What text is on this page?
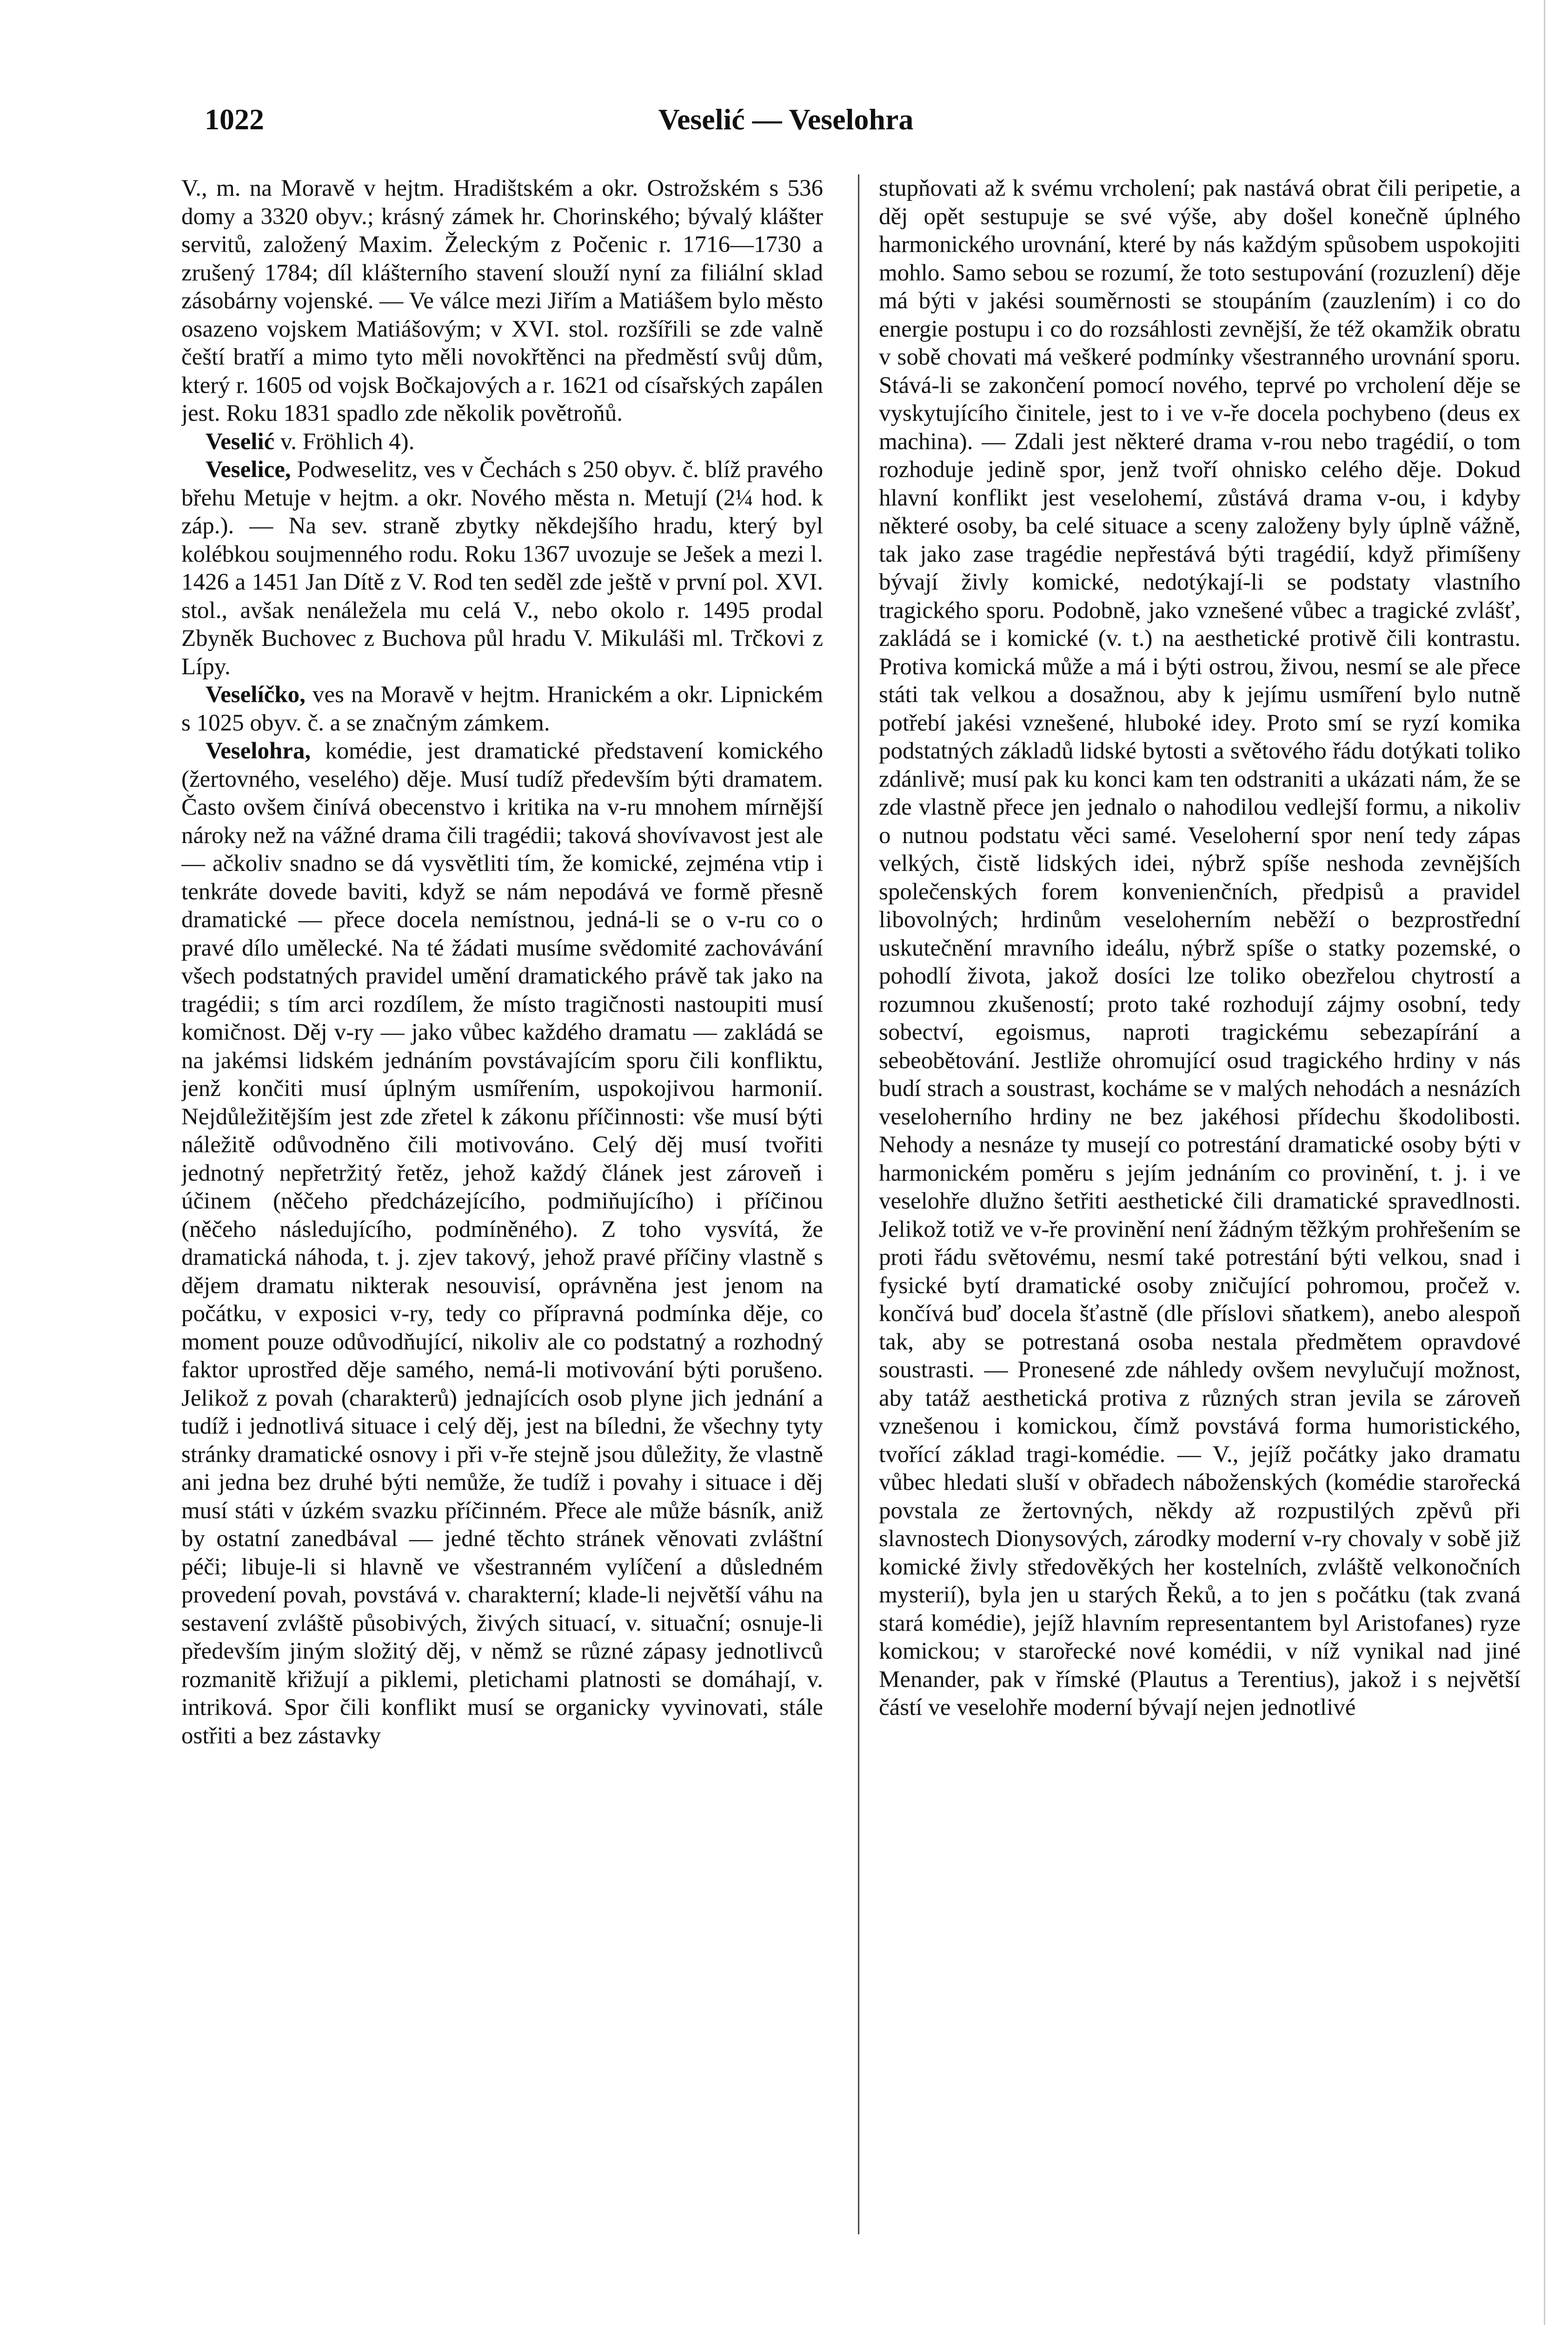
1022	Veselić — Veselohra

V., m. na Moravě v hejtm. Hradištském a okr. Ostrožském s 536 domy a 3320 obyv.; krásný zámek hr. Chorinského; bývalý klášter servitů, založený Maxim. Želeckým z Počenic r. 1716—1730 a zrušený 1784; díl klášterního stavení slouží nyní za filiální sklad zásobárny vojenské. — Ve válce mezi Jiřím a Matiášem bylo město osazeno vojskem Matiášovým; v XVI. stol. rozšířili se zde valně čeští bratří a mimo tyto měli novokřtěnci na předměstí svůj dům, který r. 1605 od vojsk Bočkajových a r. 1621 od císařských zapálen jest. Roku 1831 spadlo zde několik povětroňů.

Veselić v. Fröhlich 4).

Veselice, Podweselitz, ves v Čechách s 250 obyv. č. blíž pravého břehu Metuje v hejtm. a okr. Nového města n. Metují (2¼ hod. k záp.). — Na sev. straně zbytky někdejšího hradu, který byl kolébkou soujmenného rodu. Roku 1367 uvozuje se Ješek a mezi l. 1426 a 1451 Jan Dítě z V. Rod ten seděl zde ještě v první pol. XVI. stol., avšak nenáležela mu celá V., nebo okolo r. 1495 prodal Zbyněk Buchovec z Buchova půl hradu V. Mikuláši ml. Trčkovi z Lípy.

Veselíčko, ves na Moravě v hejtm. Hranickém a okr. Lipnickém s 1025 obyv. č. a se značným zámkem.

Veselohra, komédie, jest dramatické představení komického (žertovného, veselého) děje. Musí tudíž především býti dramatem. Často ovšem činívá obecenstvo i kritika na v-ru mnohem mírnější nároky než na vážné drama čili tragédii; taková shovívavost jest ale — ačkoliv snadno se dá vysvětliti tím, že komické, zejména vtip i tenkráte dovede baviti, když se nám nepodává ve formě přesně dramatické — přece docela nemístnou, jedná-li se o v-ru co o pravé dílo umělecké. Na té žádati musíme svědomité zachovávání všech podstatných pravidel umění dramatického právě tak jako na tragédii; s tím arci rozdílem, že místo tragičnosti nastoupiti musí komičnost. Děj v-ry — jako vůbec každého dramatu — zakládá se na jakémsi lidském jednáním povstávajícím sporu čili konfliktu, jenž končiti musí úplným usmířením, uspokojivou harmonií. Nejdůležitějším jest zde zřetel k zákonu příčinnosti: vše musí býti náležitě odůvodněno čili motivováno. Celý děj musí tvořiti jednotný nepřetržitý řetěz, jehož každý článek jest zároveň i účinem (něčeho předcházejícího, podmiňujícího) i příčinou (něčeho následujícího, podmíněného). Z toho vysvítá, že dramatická náhoda, t. j. zjev takový, jehož pravé příčiny vlastně s dějem dramatu nikterak nesouvisí, oprávněna jest jenom na počátku, v exposici v-ry, tedy co přípravná podmínka děje, co moment pouze odůvodňující, nikoliv ale co podstatný a rozhodný faktor uprostřed děje samého, nemá-li motivování býti porušeno. Jelikož z povah (charakterů) jednajících osob plyne jich jednání a tudíž i jednotlivá situace i celý děj, jest na bíledni, že všechny tyty stránky dramatické osnovy i při v-ře stejně jsou důležity, že vlastně ani jedna bez druhé býti nemůže, že tudíž i povahy i situace i děj musí státi v úzkém svazku příčinném. Přece ale může básník, aniž by ostatní zanedbával — jedné těchto stránek věnovati zvláštní péči; libuje-li si hlavně ve všestranném vylíčení a důsledném provedení povah, povstává v. charakterní; klade-li největší váhu na sestavení zvláště působivých, živých situací, v. situační; osnuje-li především jiným složitý děj, v němž se různé zápasy jednotlivců rozmanitě křižují a piklemi, pletichami platnosti se domáhají, v. intriková. Spor čili konflikt musí se organicky vyvinovati, stále ostřiti a bez zástavky

stupňovati až k svému vrcholení; pak nastává obrat čili peripetie, a děj opět sestupuje se své výše, aby došel konečně úplného harmonického urovnání, které by nás každým spůsobem uspokojiti mohlo. Samo sebou se rozumí, že toto sestupování (rozuzlení) děje má býti v jakési souměrnosti se stoupáním (zauzlením) i co do energie postupu i co do rozsáhlosti zevnější, že též okamžik obratu v sobě chovati má veškeré podmínky všestranného urovnání sporu. Stává-li se zakončení pomocí nového, teprvé po vrcholení děje se vyskytujícího činitele, jest to i ve v-ře docela pochybeno (deus ex machina). — Zdali jest některé drama v-rou nebo tragédií, o tom rozhoduje jedině spor, jenž tvoří ohnisko celého děje. Dokud hlavní konflikt jest veselohemí, zůstává drama v-ou, i kdyby některé osoby, ba celé situace a sceny založeny byly úplně vážně, tak jako zase tragédie nepřestává býti tragédií, když přimíšeny bývají živly komické, nedotýkají-li se podstaty vlastního tragického sporu. Podobně, jako vznešené vůbec a tragické zvlášť, zakládá se i komické (v. t.) na aesthetické protivě čili kontrastu. Protiva komická může a má i býti ostrou, živou, nesmí se ale přece státi tak velkou a dosažnou, aby k jejímu usmíření bylo nutně potřebí jakési vznešené, hluboké idey. Proto smí se ryzí komika podstatných základů lidské bytosti a světového řádu dotýkati toliko zdánlivě; musí pak ku konci kam ten odstraniti a ukázati nám, že se zde vlastně přece jen jednalo o nahodilou vedlejší formu, a nikoliv o nutnou podstatu věci samé. Veseloherní spor není tedy zápas velkých, čistě lidských idei, nýbrž spíše neshoda zevnějších společenských forem konvenienčních, předpisů a pravidel libovolných; hrdinům veseloherním neběží o bezprostřední uskutečnění mravního ideálu, nýbrž spíše o statky pozemské, o pohodlí života, jakož dosíci lze toliko obezřelou chytrostí a rozumnou zkušeností; proto také rozhodují zájmy osobní, tedy sobectví, egoismus, naproti tragickému sebezapírání a sebeobětování. Jestliže ohromující osud tragického hrdiny v nás budí strach a soustrast, kocháme se v malých nehodách a nesnázích veseloherního hrdiny ne bez jakéhosi přídechu škodolibosti. Nehody a nesnáze ty musejí co potrestání dramatické osoby býti v harmonickém poměru s jejím jednáním co provinění, t. j. i ve veselohře dlužno šetřiti aesthetické čili dramatické spravedlnosti. Jelikož totiž ve v-ře provinění není žádným těžkým prohřešením se proti řádu světovému, nesmí také potrestání býti velkou, snad i fysické bytí dramatické osoby zničující pohromou, pročež v. končívá buď docela šťastně (dle příslovi sňatkem), anebo alespoň tak, aby se potrestaná osoba nestala předmětem opravdové soustrasti. — Pronesené zde náhledy ovšem nevylučují možnost, aby tatáž aesthetická protiva z různých stran jevila se zároveň vznešenou i komickou, čímž povstává forma humoristického, tvořící základ tragi-komédie. — V., jejíž počátky jako dramatu vůbec hledati sluší v obřadech náboženských (komédie starořecká povstala ze žertovných, někdy až rozpustilých zpěvů při slavnostech Dionysových, zárodky moderní v-ry chovaly v sobě již komické živly středověkých her kostelních, zvláště velkonočních mysterií), byla jen u starých Řeků, a to jen s počátku (tak zvaná stará komédie), jejíž hlavním representantem byl Aristofanes) ryze komickou; v starořecké nové komédii, v níž vynikal nad jiné Menander, pak v římské (Plautus a Terentius), jakož i s největší částí ve veselohře moderní bývají nejen jednotlivé
